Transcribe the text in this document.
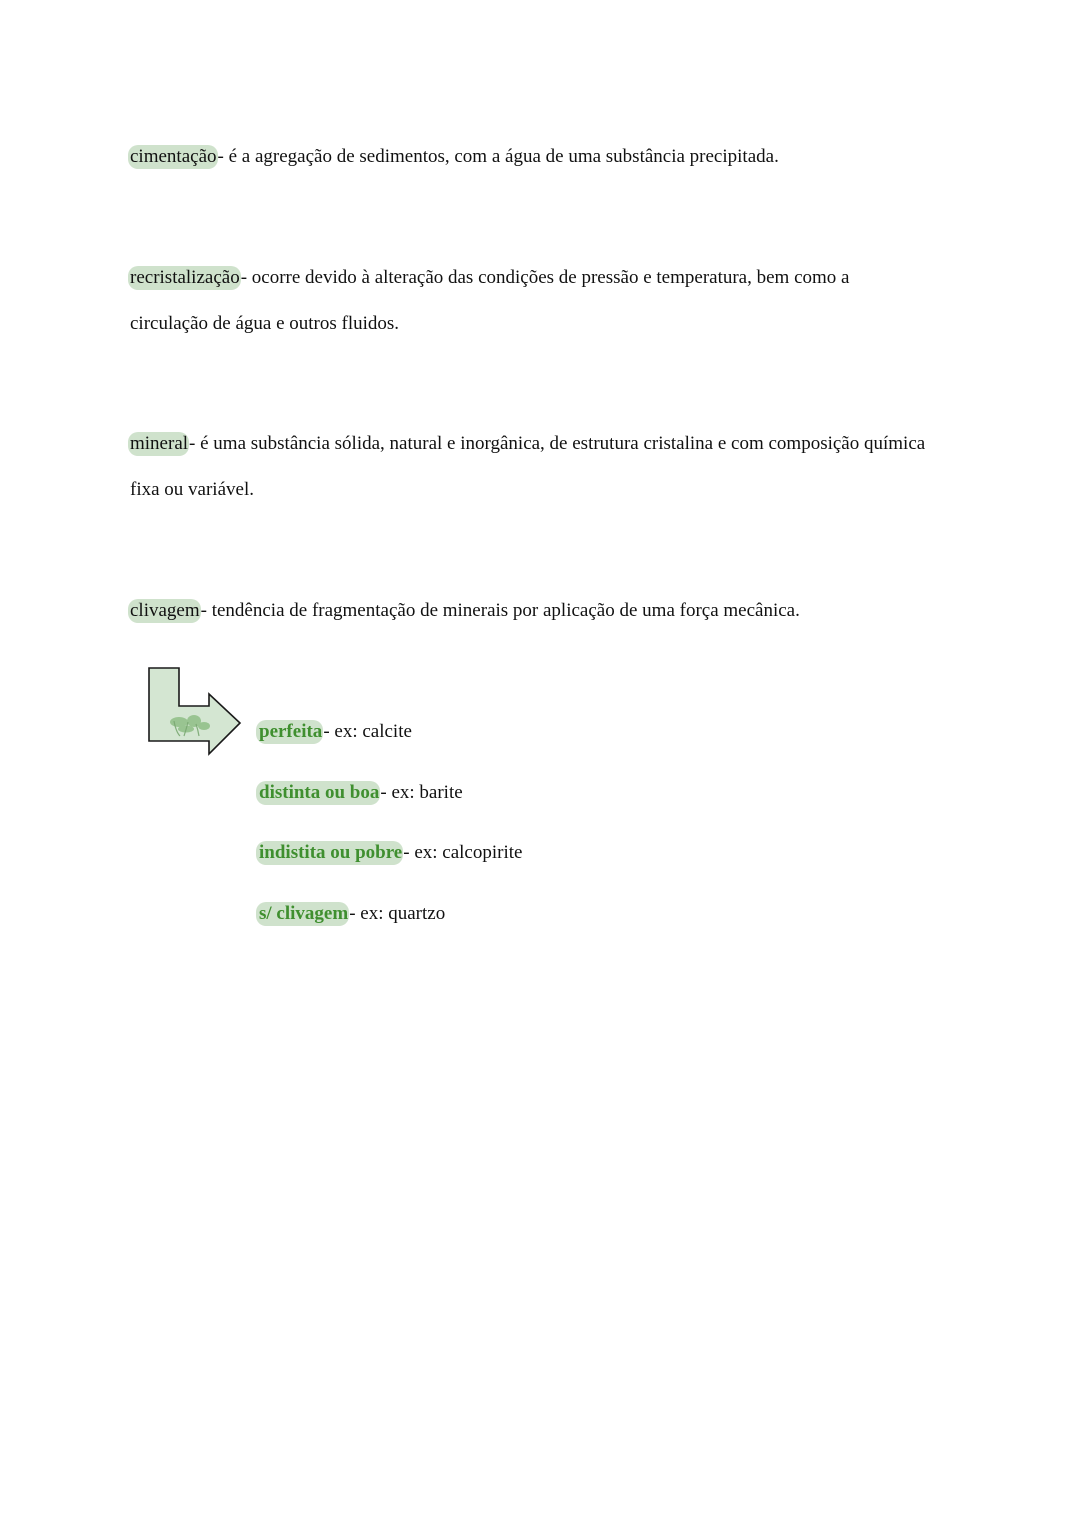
cimentação- é a agregação de sedimentos, com a água de uma substância precipitada.
recristalização- ocorre devido à alteração das condições de pressão e temperatura, bem como a circulação de água e outros fluidos.
mineral- é uma substância sólida, natural e inorgânica, de estrutura cristalina e com composição química fixa ou variável.
clivagem- tendência de fragmentação de minerais por aplicação de uma força mecânica.
perfeita- ex: calcite
distinta ou boa- ex: barite
indistita ou pobre- ex: calcopirite
s/ clivagem- ex: quartzo
